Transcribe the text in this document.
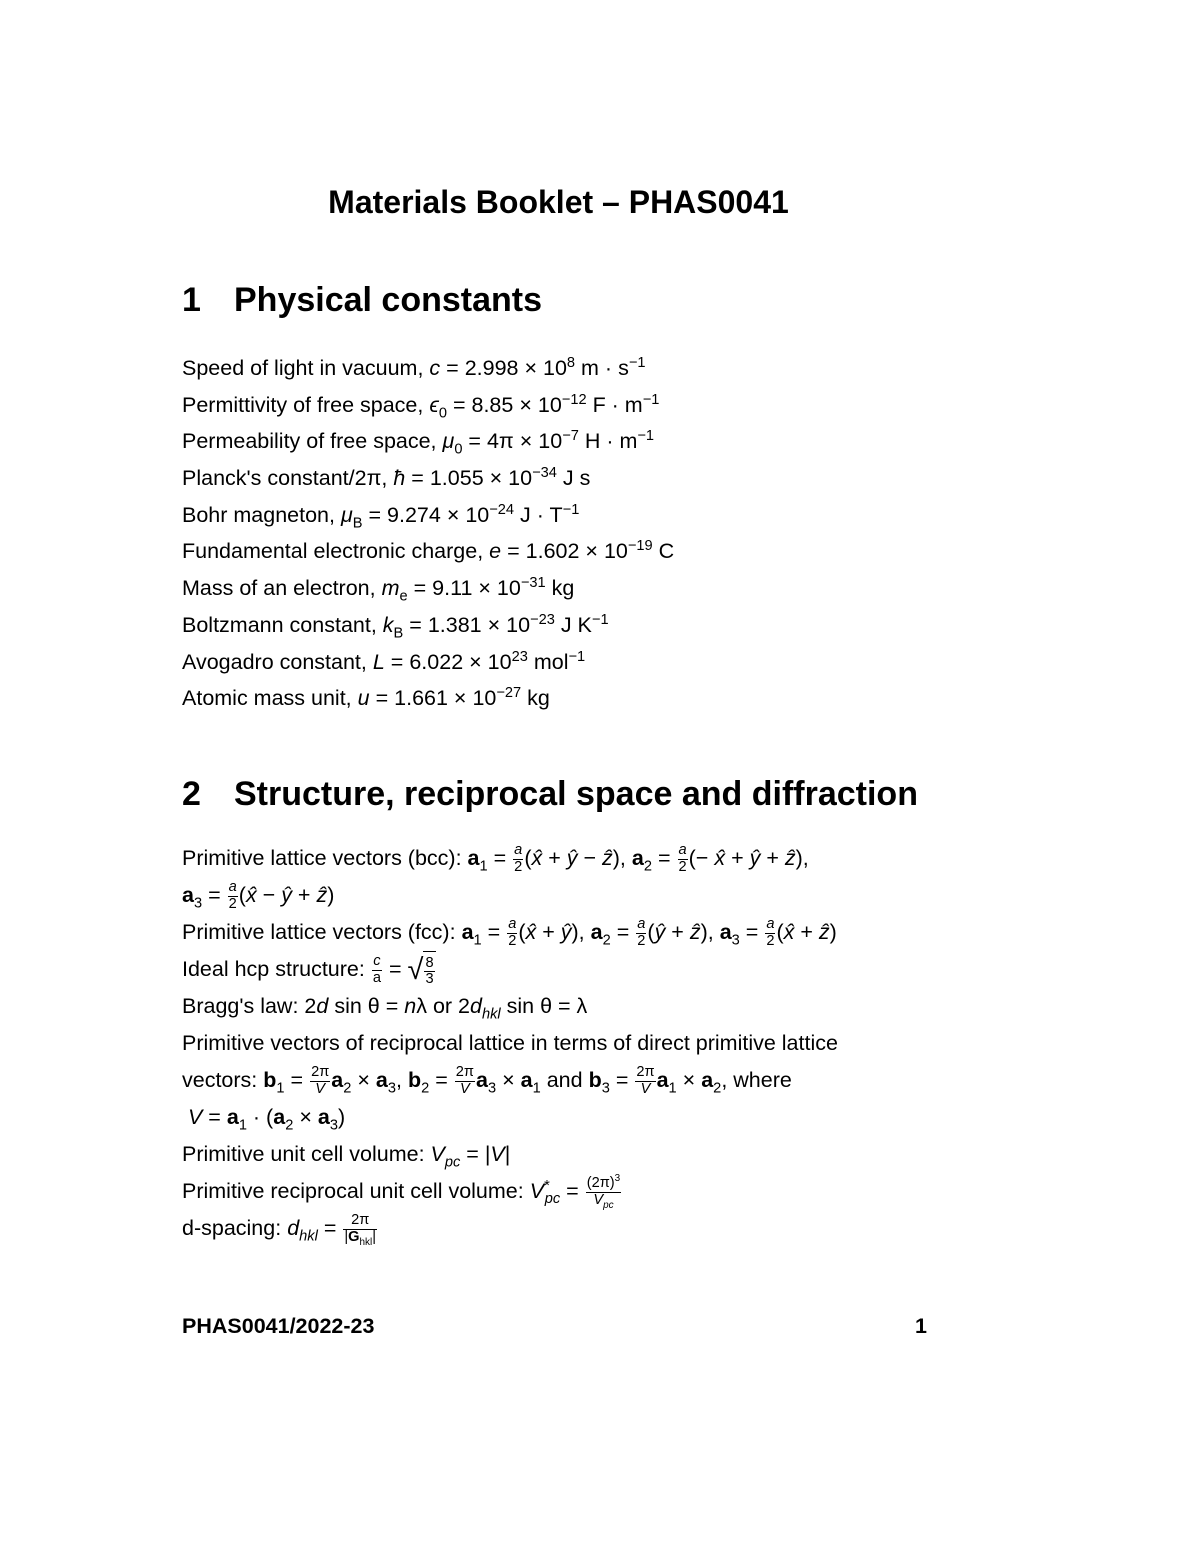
Materials Booklet – PHAS0041
1 Physical constants
Speed of light in vacuum, $c = 2.998 \times 10^8$ $m \cdot s^{-1}$
Permittivity of free space, $\epsilon_0 = 8.85 \times 10^{-12}$ $F \cdot m^{-1}$
Permeability of free space, $\mu_0 = 4\pi \times 10^{-7}$ $H \cdot m^{-1}$
Planck's constant/2π, ħ = $1.055 \times 10^{-34}$ J s
Bohr magneton, $\mu_B = 9.274 \times 10^{-24}$ $J \cdot T^{-1}$
Fundamental electronic charge, $e = 1.602 \times 10^{-19}$ C
Mass of an electron, $m_e = 9.11 \times 10^{-31}$ kg
Boltzmann constant, $k_B = 1.381 \times 10^{-23}$ J $K^{-1}$
Avogadro constant, $L = 6.022 \times 10^{23}$ mol$^{-1}$
Atomic mass unit, $u = 1.661 \times 10^{-27}$ kg
2 Structure, reciprocal space and diffraction
Primitive lattice vectors (bcc): $a_1 = \frac{a}{2}$ (x̂ + ŷ − ẑ), $a_2 = \frac{a}{2}$ (− x̂ + ŷ + ẑ),
$a_3 = \frac{a}{2}$ (x̂ − ŷ + ẑ)
Primitive lattice vectors (fcc): $a_1 = \frac{a}{2}$ (x̂ + ŷ), $a_2 = \frac{a}{2}$ (ŷ + ẑ), $a_3 = \frac{a}{2}$ (x̂ + ẑ)
Ideal hcp structure: $\frac{c}{a}$ = √ $\frac{8}{3}$
Bragg's law: 2d sin θ = nλ or $2d_{hkl}$ sin θ = λ
Primitive vectors of reciprocal lattice in terms of direct primitive lattice
vectors: $b_1 = \frac{2\pi}{V} a_2 \times a_3$, $b_2 = \frac{2\pi}{V} a_3 \times a_1$ and $b_3 = \frac{2\pi}{V} a_1 \times a_2$, where
$V = a_1 \cdot (a_2 \times a_3)$
Primitive unit cell volume: $V_{pc} = |V|$
Primitive reciprocal unit cell volume: $V^*_{pc} = \frac{(2\pi)^3}{V_{pc}}$
d-spacing: $d_{hkl} = \frac{2\pi}{|G_{hkl}|}$
PHAS0041/2022-23	1
